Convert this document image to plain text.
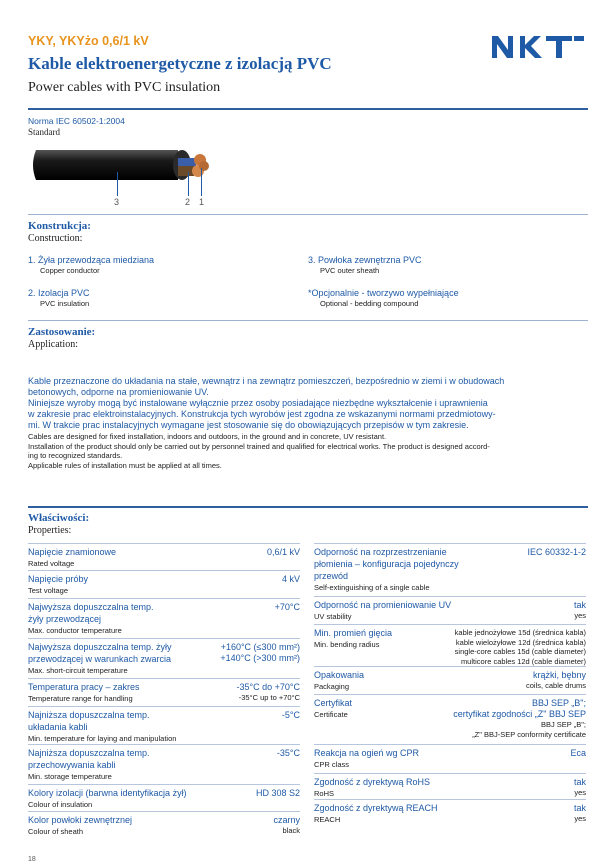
YKY, YKYżo 0,6/1 kV
Kable elektroenergetyczne z izolacją PVC
Power cables with PVC insulation
Norma IEC 60502-1:2004
Standard
3	2 1
Konstrukcja:
Construction:
1. Żyła przewodząca miedziana
Copper conductor
2. Izolacja PVC
PVC insulation
3. Powłoka zewnętrzna PVC
PVC outer sheath
*Opcjonalnie - tworzywo wypełniające
Optional - bedding compound
Zastosowanie:
Application:
Kable przeznaczone do układania na stałe, wewnątrz i na zewnątrz pomieszczeń, bezpośrednio w ziemi i w obudowach
betonowych, odporne na promieniowanie UV.
Niniejsze wyroby mogą być instalowane wyłącznie przez osoby posiadające niezbędne wykształcenie i uprawnienia
w zakresie prac elektroinstalacyjnych. Konstrukcja tych wyrobów jest zgodna ze wskazanymi normami przedmiotowy-
mi. W trakcie prac instalacyjnych wymagane jest stosowanie się do obowiązujących przepisów w tym zakresie.
Cables are designed for fixed installation, indoors and outdoors, in the ground and in concrete, UV resistant.
Installation of the product should only be carried out by personnel trained and qualified for electrical works. The product is designed accord-
ing to recognized standards.
Applicable rules of installation must be applied at all times.
Właściwości:
Properties:
18
Napięcie znamionowe
Rated voltage
0,6/1 kV
Napięcie próby
Test voltage
4 kV
Najwyższa dopuszczalna temp.
żyły przewodzącej
Max. conductor temperature
+70°C
Najwyższa dopuszczalna temp. żyły
przewodzącej w warunkach zwarcia
Max. short-circuit temperature
+160°C (≤300 mm²)
+140°C (>300 mm²)
Temperatura pracy – zakres
Temperature range for handling
-35°C do +70°C
-35°C up to +70°C
Najniższa dopuszczalna temp.
układania kabli
Min. temperature for laying and manipulation
-5°C
Najniższa dopuszczalna temp.
przechowywania kabli
Min. storage temperature
-35°C
Kolory izolacji (barwna identyfikacja żył)
Colour of insulation
HD 308 S2
Kolor powłoki zewnętrznej
Colour of sheath
czarny
black
Odporność na rozprzestrzenianie
płomienia – konfiguracja pojedynczy
przewód
Self-extinguishing of a single cable
IEC 60332-1-2
Odporność na promieniowanie UV
UV stability
tak
yes
Min. promień gięcia
Min. bending radius
kable jednożyłowe 15d (średnica kabla)
kable wielożyłowe 12d (średnica kabla)
single-core cables 15d (cable diameter)
multicore cables 12d (cable diameter)
Opakowania
Packaging
krążki, bębny
coils, cable drums
Certyfikat
Certificate
BBJ SEP „B";
certyfikat zgodności „Z" BBJ SEP
BBJ SEP „B";
„Z" BBJ-SEP conformity certificate
Reakcja na ogień wg CPR
CPR class
Eca
Zgodność z dyrektywą RoHS
RoHS
tak
yes
Zgodność z dyrektywą REACH
REACH
tak
yes
